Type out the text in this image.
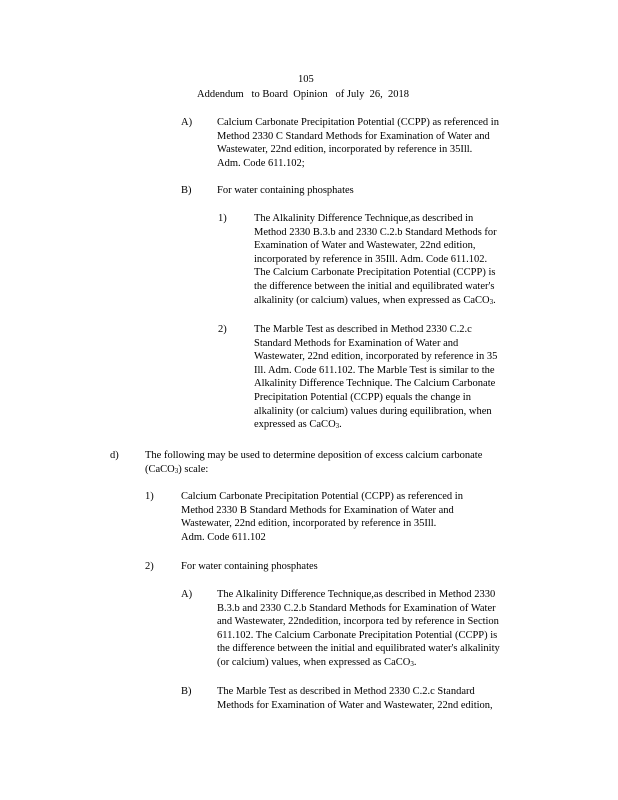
105

Addendum   to Board  Opinion   of July  26,  2018

A) Calcium Carbonate Precipitation Potential (CCPP) as referenced in
Method 2330 C Standard Methods for Examination of Water and
Wastewater, 22nd edition, incorporated by reference in 35Ill.
Adm. Code 611.102;

B) For water containing phosphates

1)	The Alkalinity Difference Technique,as described in
Method 2330 B.3.b and 2330 C.2.b Standard Methods for
Examination of Water and Wastewater, 22nd edition,
incorporated by reference in 35Ill. Adm. Code 611.102.
The Calcium Carbonate Precipitation Potential (CCPP) is
the difference between the initial and equilibrated water's
alkalinity (or calcium) values, when expressed as CaCO$_3$.

2)	The Marble Test as described in Method 2330 C.2.c
Standard Methods for Examination of Water and
Wastewater, 22nd edition, incorporated by reference in 35
Ill. Adm. Code 611.102. The Marble Test is similar to the
Alkalinity Difference Technique. The Calcium Carbonate
Precipitation Potential (CCPP) equals the change in
alkalinity (or calcium) values during equilibration, when
expressed as CaCO$_3$.

d)	The following may be used to determine deposition of excess calcium carbonate
(CaCO$_3$) scale:

1)	Calcium Carbonate Precipitation Potential (CCPP) as referenced in
Method 2330 B Standard Methods for Examination of Water and
Wastewater, 22nd edition, incorporated by reference in 35Ill.
Adm. Code 611.102

2)	For water containing phosphates

A) The Alkalinity Difference Technique,as described in Method 2330
B.3.b and 2330 C.2.b Standard Methods for Examination of Water
and Wastewater, 22ndedition, incorpora ted by reference in Section
611.102. The Calcium Carbonate Precipitation Potential (CCPP) is
the difference between the initial and equilibrated water's alkalinity
(or calcium) values, when expressed as CaCO$_3$.

B) The Marble Test as described in Method 2330 C.2.c Standard
Methods for Examination of Water and Wastewater, 22nd edition,
